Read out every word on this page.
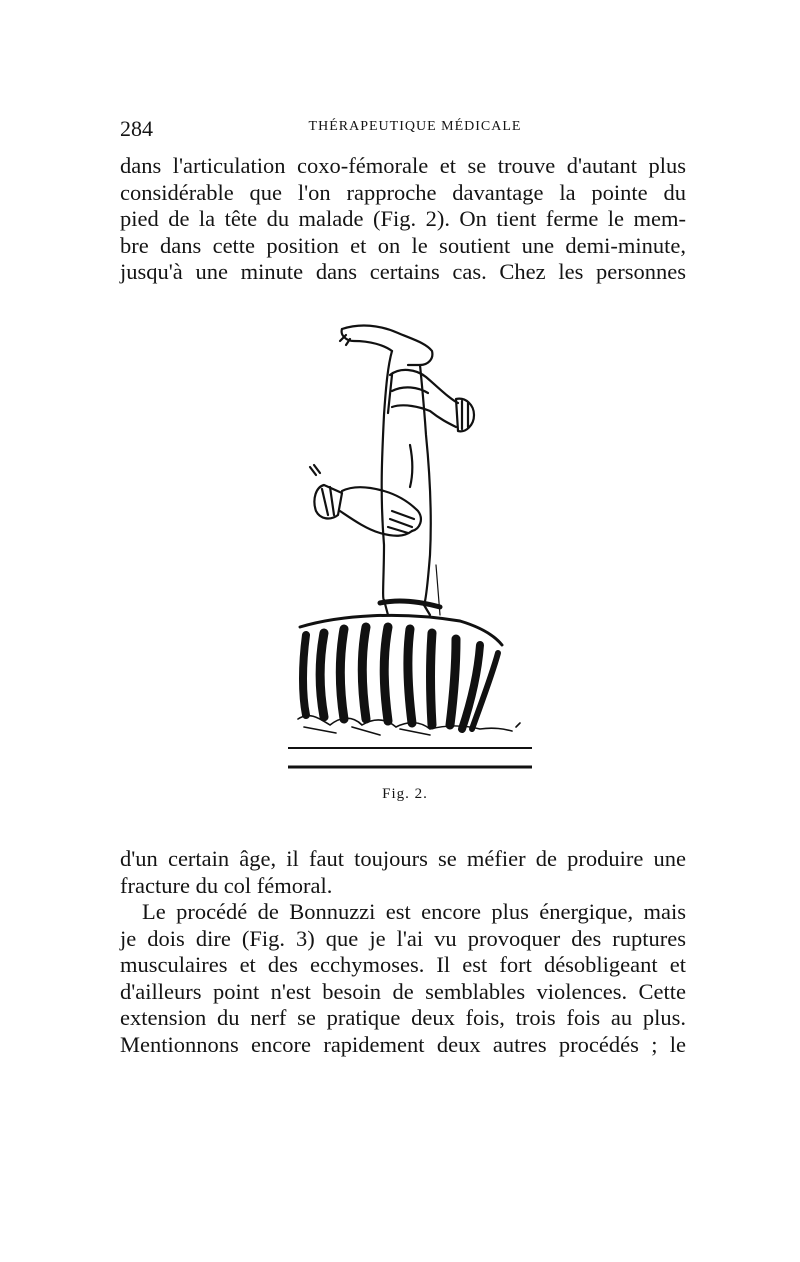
284	THÉRAPEUTIQUE MÉDICALE
dans l'articulation coxo-fémorale et se trouve d'autant plus
considérable que l'on rapproche davantage la pointe du
pied de la tête du malade (Fig. 2). On tient ferme le mem-
bre dans cette position et on le soutient une demi-minute,
jusqu'à une minute dans certains cas. Chez les personnes
Fig. 2.
d'un certain âge, il faut toujours se méfier de produire une
fracture du col fémoral.
Le procédé de Bonnuzzi est encore plus énergique, mais
je dois dire (Fig. 3) que je l'ai vu provoquer des ruptures
musculaires et des ecchymoses. Il est fort désobligeant et
d'ailleurs point n'est besoin de semblables violences. Cette
extension du nerf se pratique deux fois, trois fois au plus.
Mentionnons encore rapidement deux autres procédés ; le
